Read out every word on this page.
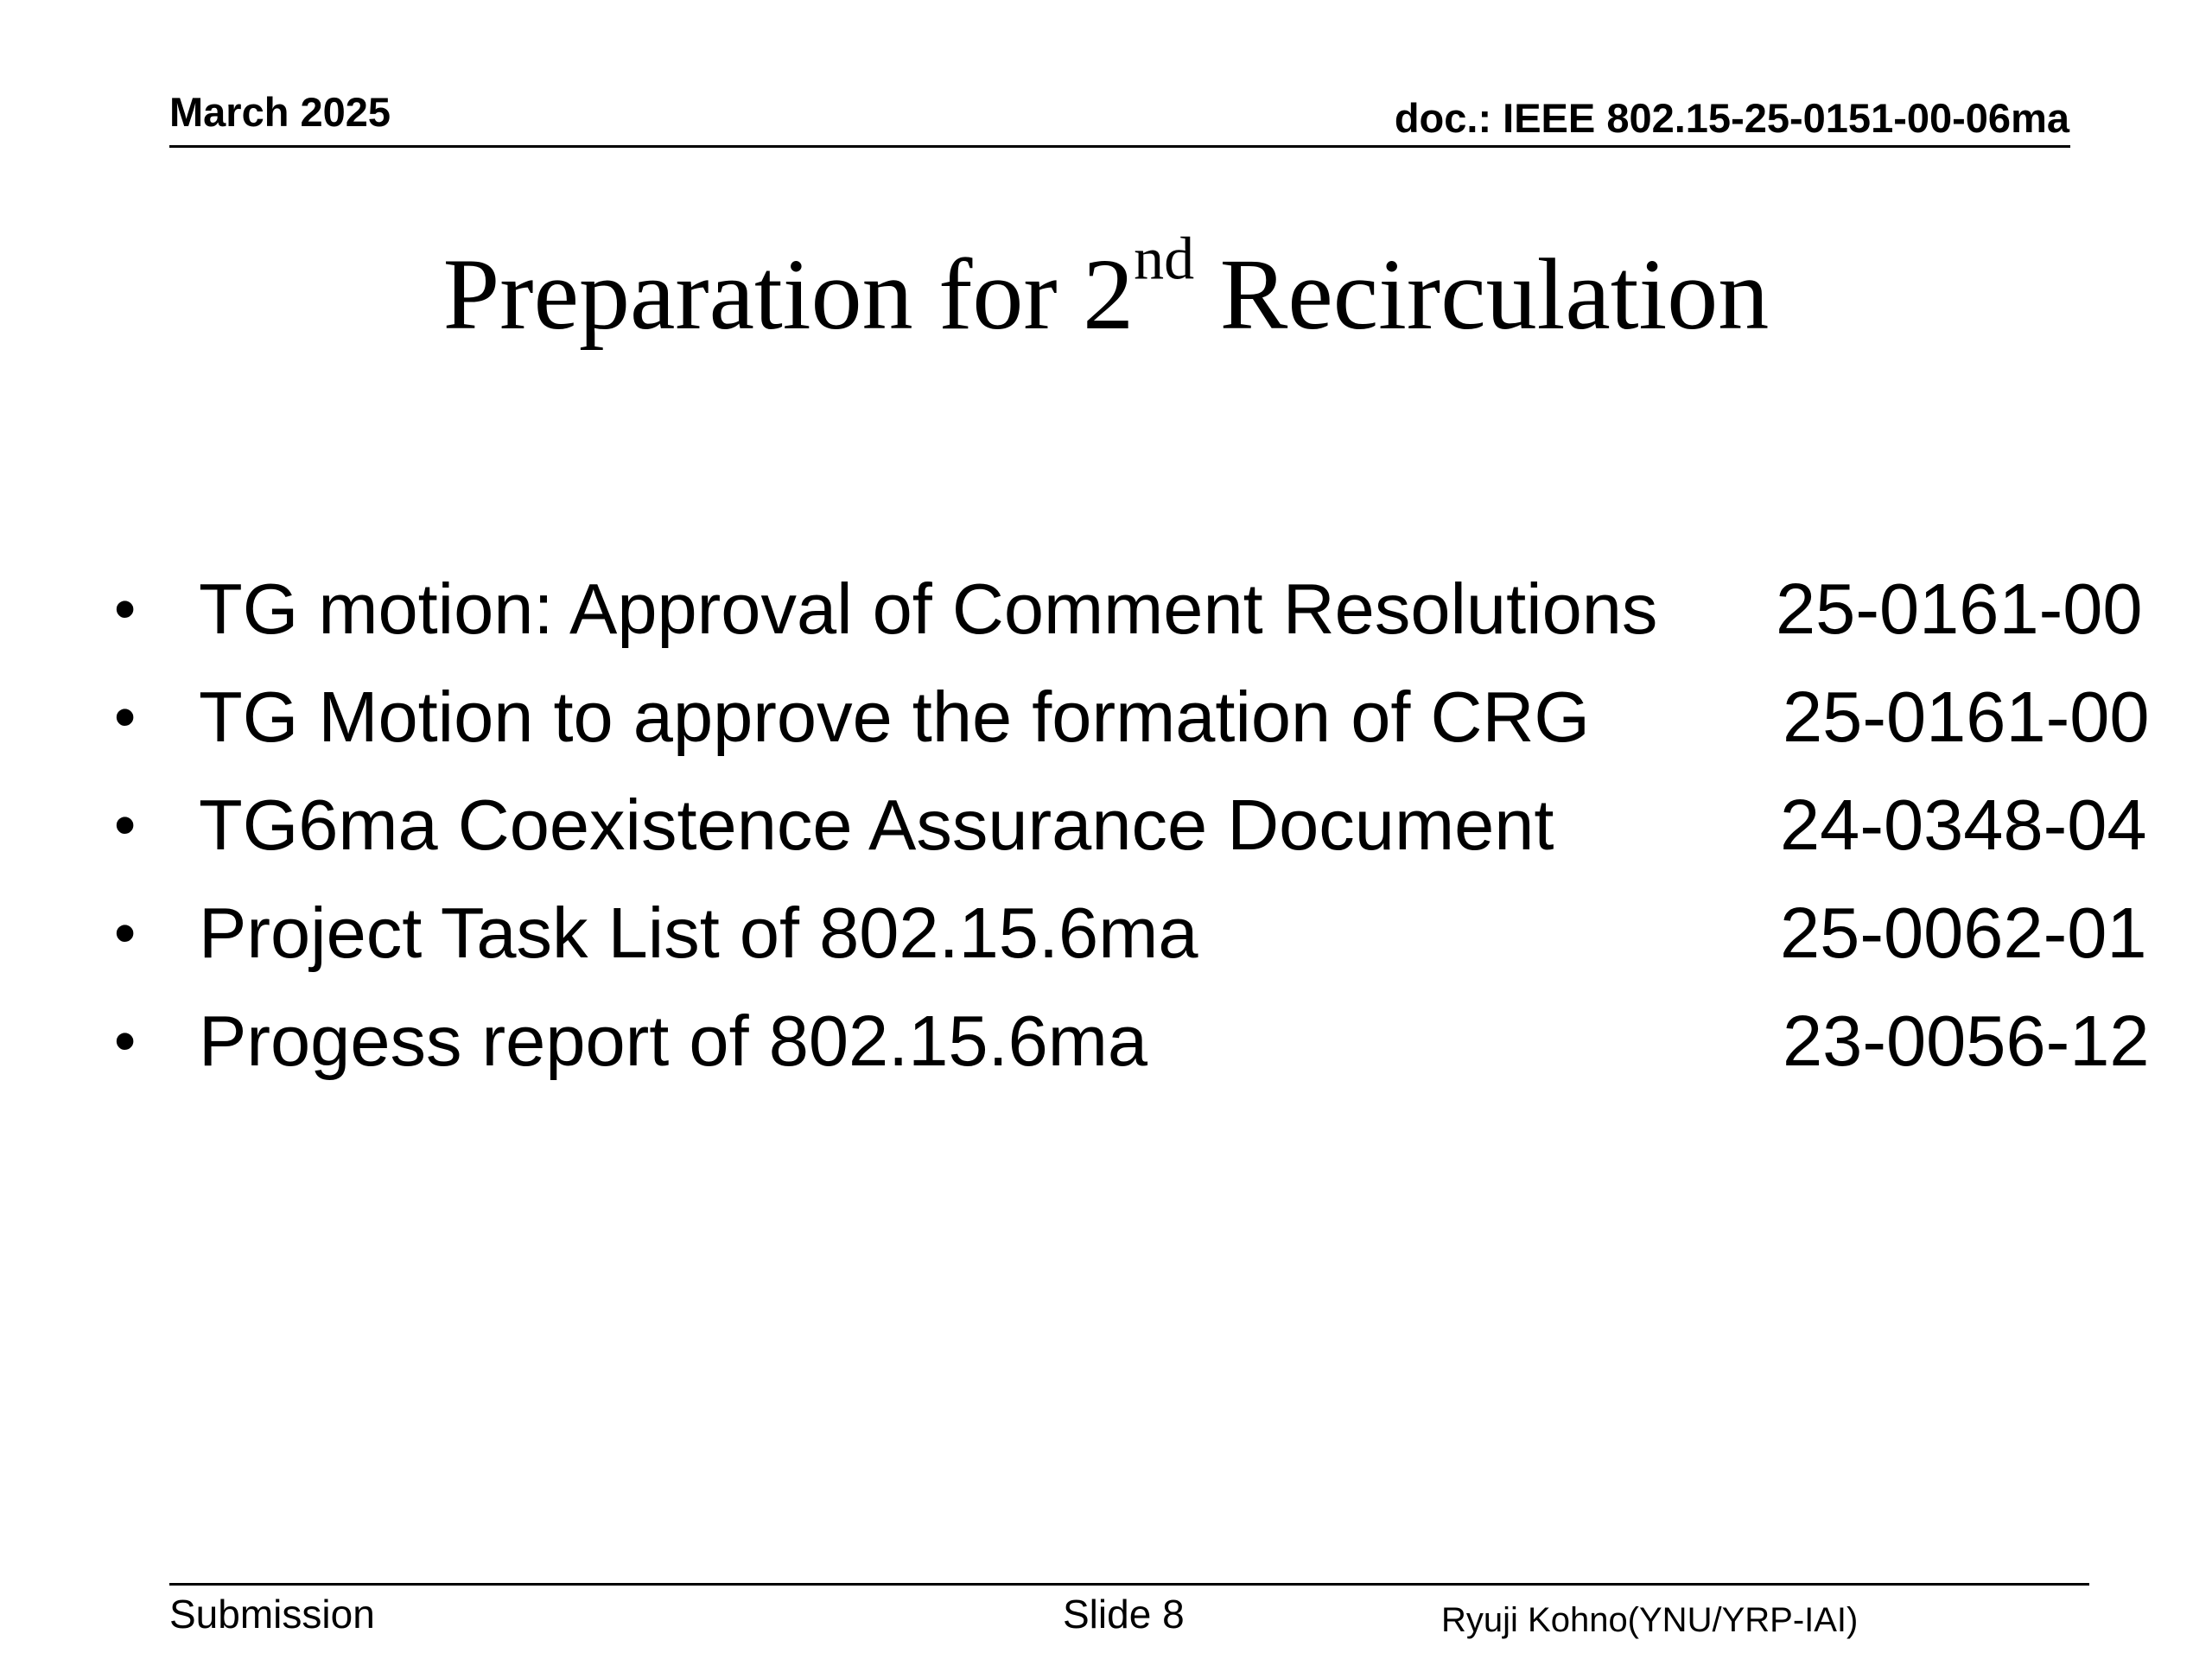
March 2025	doc.: IEEE 802.15-25-0151-00-06ma
Preparation for 2nd Recirculation
• TG motion: Approval of Comment Resolutions 25-0161-00
• TG Motion to approve the formation of CRG	25-0161-00
• TG6ma Coexistence Assurance Document	24-0348-04
• Project Task List of 802.15.6ma	25-0062-01
• Progess report of 802.15.6ma	23-0056-12
Submission	Slide 8	Ryuji Kohno(YNU/YRP-IAI)
